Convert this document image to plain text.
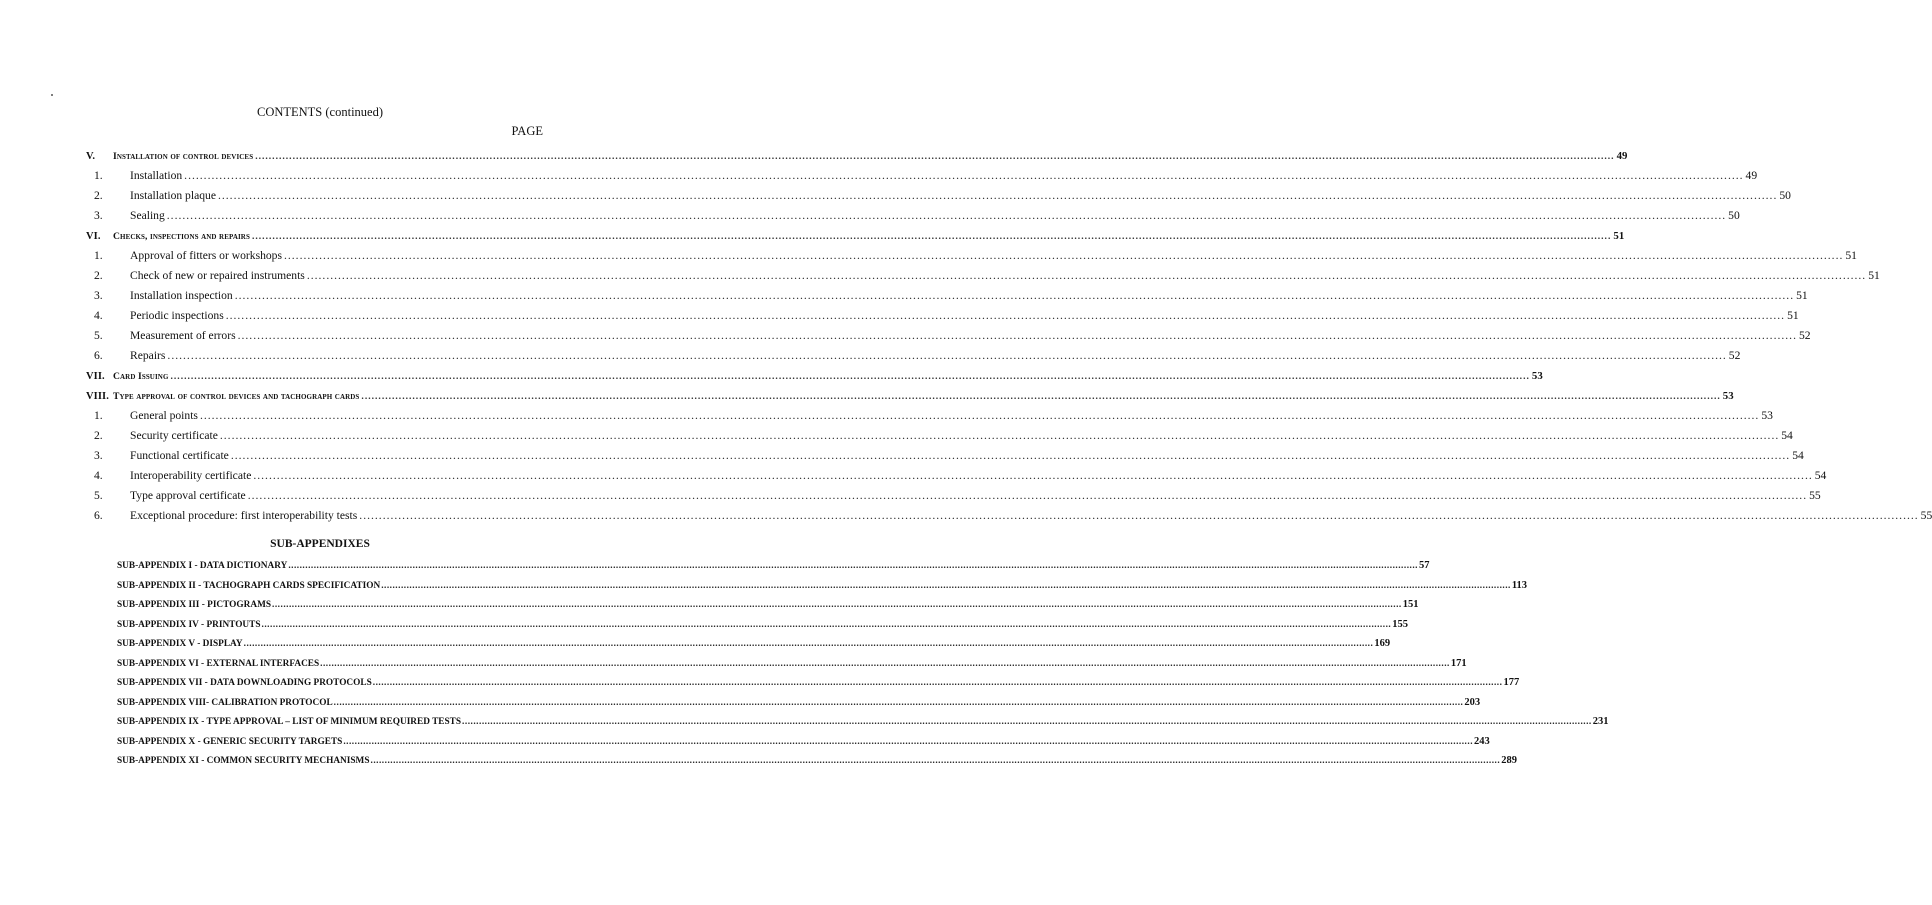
CONTENTS (continued)
PAGE
V.	Installation of control devices ................................................................................................................................................................................................................................................................................................................................................................................................................ 49
1.	Installation ................................................................................................................................................................................................................................................................................................................................................................................................................ 49
2.	Installation plaque ................................................................................................................................................................................................................................................................................................................................................................................................................ 50
3.	Sealing ................................................................................................................................................................................................................................................................................................................................................................................................................ 50
VI.	Checks, inspections and repairs ................................................................................................................................................................................................................................................................................................................................................................................................................ 51
1.	Approval of fitters or workshops ................................................................................................................................................................................................................................................................................................................................................................................................................ 51
2.	Check of new or repaired instruments ................................................................................................................................................................................................................................................................................................................................................................................................................ 51
3.	Installation inspection ................................................................................................................................................................................................................................................................................................................................................................................................................ 51
4.	Periodic inspections ................................................................................................................................................................................................................................................................................................................................................................................................................ 51
5.	Measurement of errors ................................................................................................................................................................................................................................................................................................................................................................................................................ 52
6.	Repairs ................................................................................................................................................................................................................................................................................................................................................................................................................ 52
VII. Card Issuing ................................................................................................................................................................................................................................................................................................................................................................................................................ 53
VIII. Type approval of control devices and tachograph cards ................................................................................................................................................................................................................................................................................................................................................................................................................ 53
1.	General points ................................................................................................................................................................................................................................................................................................................................................................................................................ 53
2.	Security certificate ................................................................................................................................................................................................................................................................................................................................................................................................................ 54
3.	Functional certificate ................................................................................................................................................................................................................................................................................................................................................................................................................ 54
4.	Interoperability certificate ................................................................................................................................................................................................................................................................................................................................................................................................................ 54
5.	Type approval certificate ................................................................................................................................................................................................................................................................................................................................................................................................................ 55
6.	Exceptional procedure: first interoperability tests ................................................................................................................................................................................................................................................................................................................................................................................................................ 55
SUB-APPENDIXES
SUB-APPENDIX I - DATA DICTIONARY ................................................................................................................................................................................................................................................................................................................................................................................................................ 57
SUB-APPENDIX II - TACHOGRAPH CARDS SPECIFICATION ................................................................................................................................................................................................................................................................................................................................................................................................................ 113
SUB-APPENDIX III - PICTOGRAMS ................................................................................................................................................................................................................................................................................................................................................................................................................ 151
SUB-APPENDIX IV - PRINTOUTS ................................................................................................................................................................................................................................................................................................................................................................................................................ 155
SUB-APPENDIX V - DISPLAY ................................................................................................................................................................................................................................................................................................................................................................................................................ 169
SUB-APPENDIX VI - EXTERNAL INTERFACES ................................................................................................................................................................................................................................................................................................................................................................................................................ 171
SUB-APPENDIX VII - DATA DOWNLOADING PROTOCOLS ................................................................................................................................................................................................................................................................................................................................................................................................................ 177
SUB-APPENDIX VIII- CALIBRATION PROTOCOL ................................................................................................................................................................................................................................................................................................................................................................................................................ 203
SUB-APPENDIX IX - TYPE APPROVAL – LIST OF MINIMUM REQUIRED TESTS ................................................................................................................................................................................................................................................................................................................................................................................................................ 231
SUB-APPENDIX X - GENERIC SECURITY TARGETS ................................................................................................................................................................................................................................................................................................................................................................................................................ 243
SUB-APPENDIX XI - COMMON SECURITY MECHANISMS ................................................................................................................................................................................................................................................................................................................................................................................................................ 289
